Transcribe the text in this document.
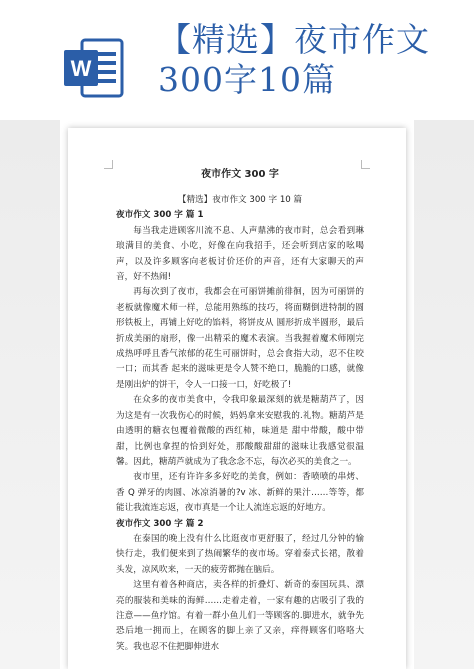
W
【精选】夜市作文
300字10篇
夜市作文 300 字
【精选】夜市作文 300 字 10 篇
夜市作文 300 字 篇 1

每当我走进顾客川流不息、人声鼎沸的夜市时，总会看到琳琅满目的美食、小吃，好像在向我招手，还会听到店家的吆喝声，以及许多顾客向老板讨价还价的声音，还有大家聊天的声音，好不热闹!

再每次到了夜市，我都会在可丽饼摊前徘徊，因为可丽饼的老板就像魔术师一样，总能用熟练的技巧，将面糊倒进特制的圆形铁板上，再铺上好吃的馅料，将饼皮从 圆形折成半圆形，最后折成美丽的扇形，像一出精采的魔术表演。当我握着魔术师刚完成热呼呼且香气浓郁的花生可丽饼时，总会食指大动，忍不住咬一口；而其香 起来的滋味更是令人赞不绝口，脆脆的口感，就像是刚出炉的饼干，令人一口接一口，好吃极了!

在众多的夜市美食中，令我印象最深刻的就是糖葫芦了，因为这是有一次我伤心的时候，妈妈拿来安慰我的.礼物。糖葫芦是由透明的糖衣包覆着微酸的西红柿，味道是 甜中带酸，酸中带甜，比例也拿捏的恰到好处，那酸酸甜甜的滋味让我感觉很温馨。因此，糖葫芦就成为了我念念不忘，每次必买的美食之一。

夜市里，还有许许多多好吃的美食，例如：香喷喷的串烤、香 Q 弹牙的肉圆、冰凉消暑的?v 冰、新鲜的果汁……等等，都能让我流连忘返，夜市真是一个让人流连忘返的好地方。

夜市作文 300 字 篇 2

在泰国的晚上没有什么比逛夜市更舒服了，经过几分钟的愉快行走，我们便来到了热闹繁华的夜市场。穿着泰式长裙，散着头发，凉风吹来，一天的疲劳都抛在脑后。

这里有着各种商店，卖各样的折叠灯、新奇的泰国玩具、漂亮的服装和美味的海鲜……走着走着，一家有趣的店吸引了我的注意——鱼疗馆。有着一群小鱼儿们一等顾客的.脚进水，就争先恐后地一拥而上，在顾客的脚上亲了又亲，痒得顾客们咯咯大笑。我也忍不住把脚伸进水
